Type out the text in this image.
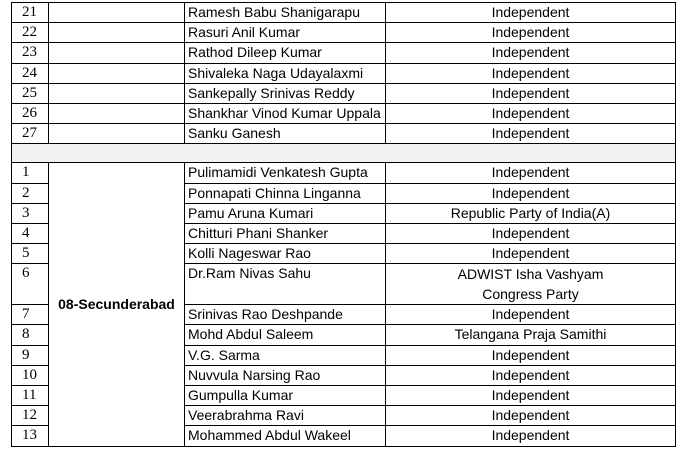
21		Ramesh Babu Shanigarapu	Independent
22		Rasuri Anil Kumar	Independent
23		Rathod Dileep Kumar	Independent
24		Shivaleka Naga Udayalaxmi	Independent
25		Sankepally Srinivas Reddy	Independent
26		Shankhar Vinod Kumar Uppala	Independent
27		Sanku Ganesh	Independent

1	08-Secunderabad	Pulimamidi Venkatesh Gupta	Independent
2		Ponnapati Chinna Linganna	Independent
3		Pamu Aruna Kumari	Republic Party of India(A)
4		Chitturi Phani Shanker	Independent
5		Kolli Nageswar Rao	Independent
6		Dr.Ram Nivas Sahu	ADWIST Isha Vashyam Congress Party
7		Srinivas Rao Deshpande	Independent
8		Mohd Abdul Saleem	Telangana Praja Samithi
9		V.G. Sarma	Independent
10		Nuvvula Narsing Rao	Independent
11		Gumpulla Kumar	Independent
12		Veerabrahma Ravi	Independent
13		Mohammed Abdul Wakeel	Independent
